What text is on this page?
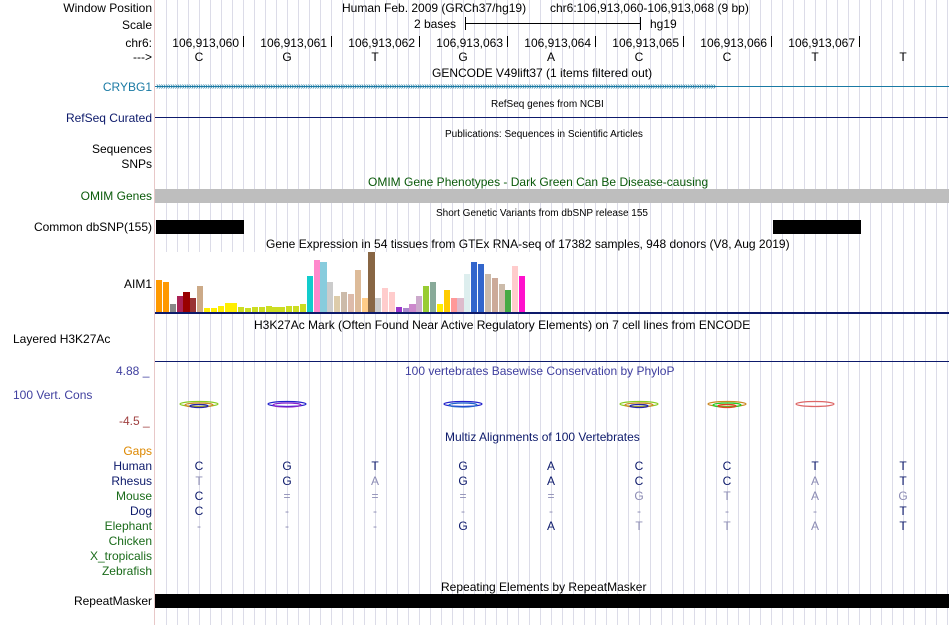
Window Position	Human Feb. 2009 (GRCh37/hg19) chr6:106,913,060-106,913,068 (9 bp)
Scale	2 bases	hg19
chr6: 106,913,060 106,913,061 106,913,062 106,913,063 106,913,064 106,913,065 106,913,066 106,913,067
--->	C	G	T	G	A	C	C	T	T
GENCODE V49lift37 (1 items filtered out)
CRYBG1 ››››››››››››››››››››››››››››››››››››››››››››››››››››››››››››››››››››››››››››››››››››››››››››››››››››››››››››››››››››››››››››››››››››››››››››››››››››››››››››››››››››››››››››››››››››››››››››››››››››››››››››››››››››››››››››››››››››››››››››››››
RefSeq genes from NCBI
RefSeq Curated
Publications: Sequences in Scientific Articles
Sequences
SNPs
OMIM Gene Phenotypes - Dark Green Can Be Disease-causing
OMIM Genes
Short Genetic Variants from dbSNP release 155
Common dbSNP(155)
Gene Expression in 54 tissues from GTEx RNA-seq of 17382 samples, 948 donors (V8, Aug 2019)
AIM1
H3K27Ac Mark (Often Found Near Active Regulatory Elements) on 7 cell lines from ENCODE
Layered H3K27Ac
100 vertebrates Basewise Conservation by PhyloP
4.88 _
100 Vert. Cons
-4.5 _
Multiz Alignments of 100 Vertebrates
Gaps
Human	C	G	T	G	A	C	C	T	T
Rhesus	T	G	A	G	A	C	C	A	T
Mouse	C	=	=	=	=	G	T	A	G
Dog	C	-	-	-	-	-	-	-	T
Elephant	-	-	-	G	A	T	T	A	T
Chicken
X_tropicalis
Zebrafish
Repeating Elements by RepeatMasker
RepeatMasker
